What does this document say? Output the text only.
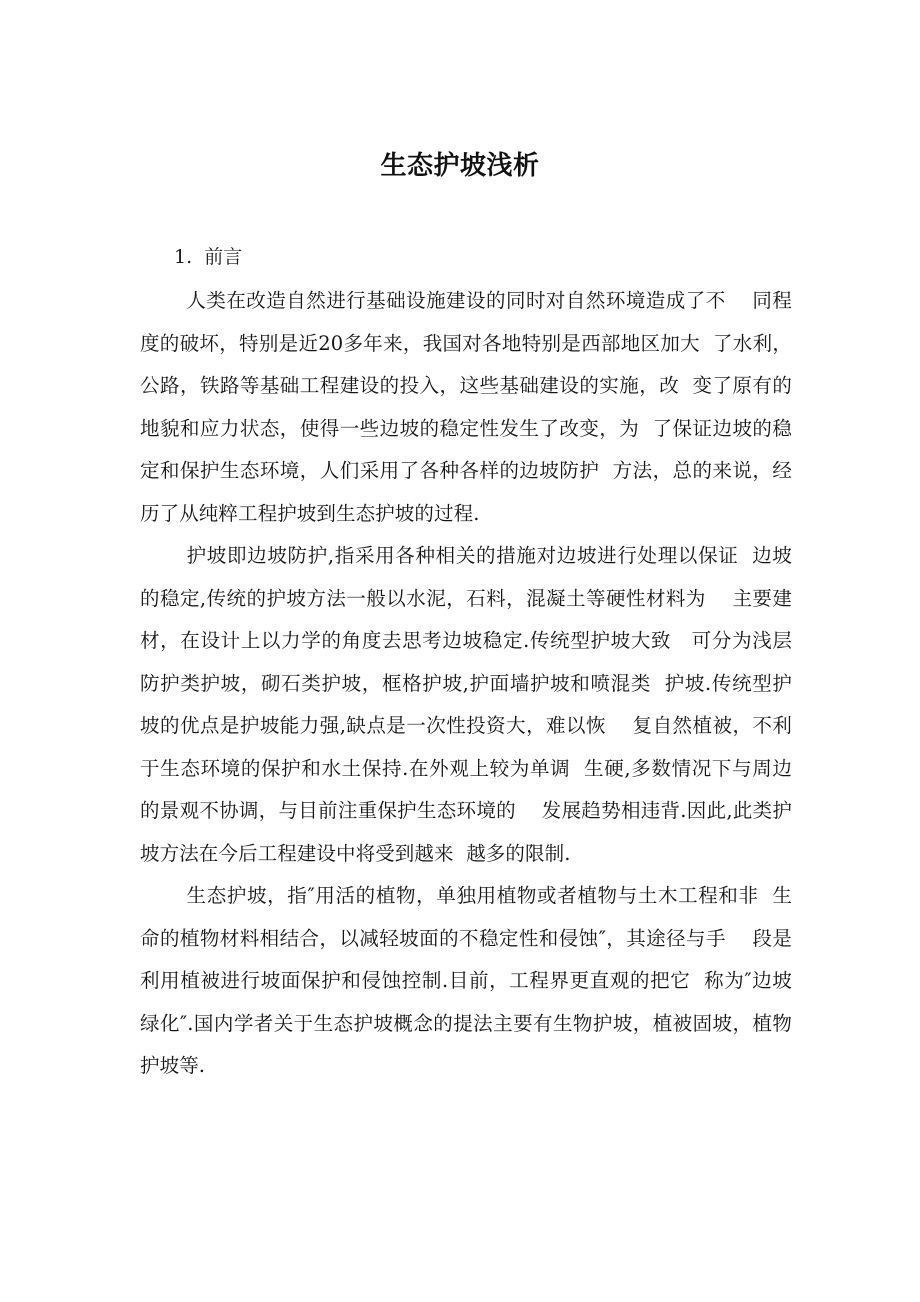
生态护坡浅析
1.  前言

人类在改造自然进行基础设施建设的同时对自然环境造成了不    同程度的破坏，特别是近20多年来，我国对各地特别是西部地区加大  了水利，公路，铁路等基础工程建设的投入，这些基础建设的实施，改  变了原有的地貌和应力状态，使得一些边坡的稳定性发生了改变，为  了保证边坡的稳定和保护生态环境，人们采用了各种各样的边坡防护  方法，总的来说，经历了从纯粹工程护坡到生态护坡的过程.

护坡即边坡防护,指采用各种相关的措施对边坡进行处理以保证  边坡的稳定,传统的护坡方法一般以水泥，石料，混凝土等硬性材料为    主要建材，在设计上以力学的角度去思考边坡稳定.传统型护坡大致   可分为浅层防护类护坡，砌石类护坡，框格护坡,护面墙护坡和喷混类  护坡.传统型护坡的优点是护坡能力强,缺点是一次性投资大，难以恢    复自然植被，不利于生态环境的保护和水土保持.在外观上较为单调  生硬,多数情况下与周边的景观不协调，与目前注重保护生态环境的    发展趋势相违背.因此,此类护坡方法在今后工程建设中将受到越来  越多的限制.

生态护坡，指″用活的植物，单独用植物或者植物与土木工程和非  生命的植物材料相结合，以减轻坡面的不稳定性和侵蚀″，其途径与手    段是利用植被进行坡面保护和侵蚀控制.目前，工程界更直观的把它  称为″边坡绿化″.国内学者关于生态护坡概念的提法主要有生物护坡，植被固坡，植物护坡等.
